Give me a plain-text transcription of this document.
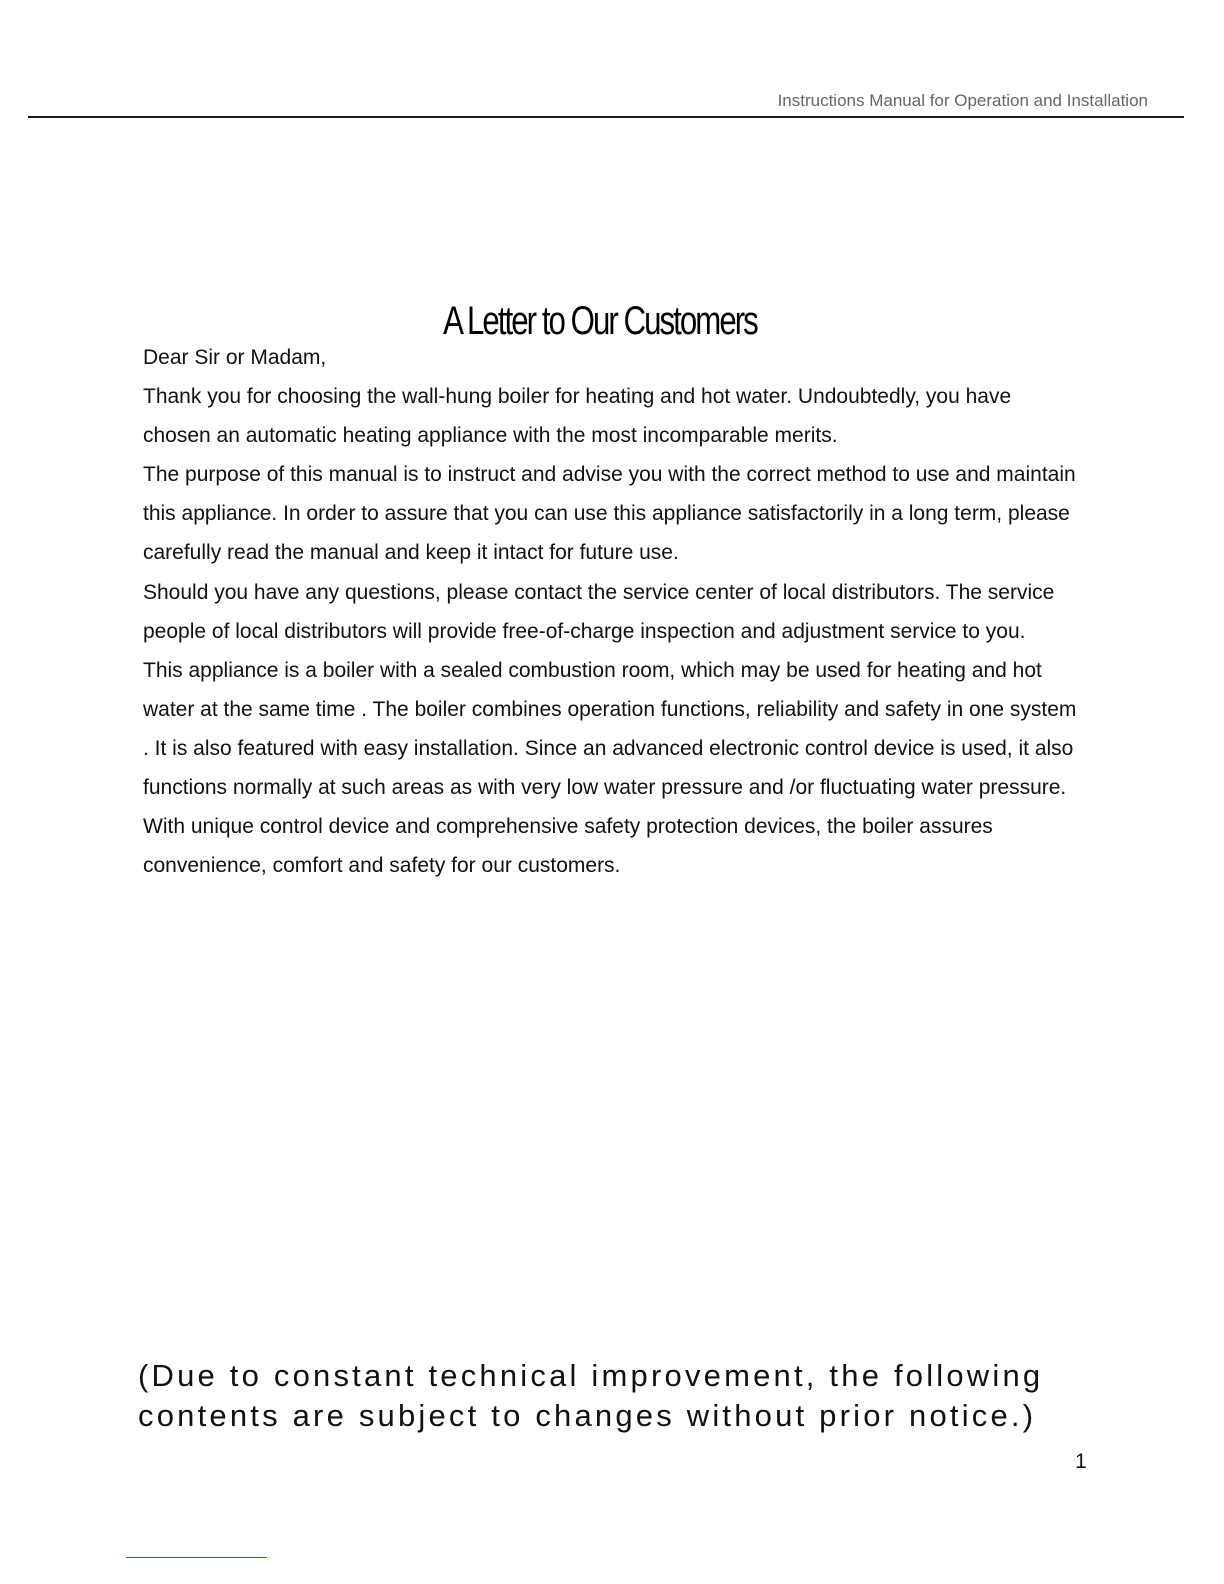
Instructions Manual for Operation and Installation
A Letter to Our Customers

Dear Sir or Madam,

Thank you for choosing the wall-hung boiler for heating and hot water. Undoubtedly, you have chosen an automatic heating appliance with the most incomparable merits.

The purpose of this manual is to instruct and advise you with the correct method to use and maintain this appliance. In order to assure that you can use this appliance satisfactorily in a long term, please carefully read the manual and keep it intact for future use.

Should you have any questions, please contact the service center of local distributors. The service people of local distributors will provide free-of-charge inspection and adjustment service to you.

This appliance is a boiler with a sealed combustion room, which may be used for heating and hot water at the same time . The boiler combines operation functions, reliability and safety in one system . It is also featured with easy installation. Since an advanced electronic control device is used, it also functions normally at such areas as with very low water pressure and /or fluctuating water pressure. With unique control device and comprehensive safety protection devices, the boiler assures convenience, comfort and safety for our customers.

(Due to constant technical improvement, the following
contents are subject to changes without prior notice.)
1
